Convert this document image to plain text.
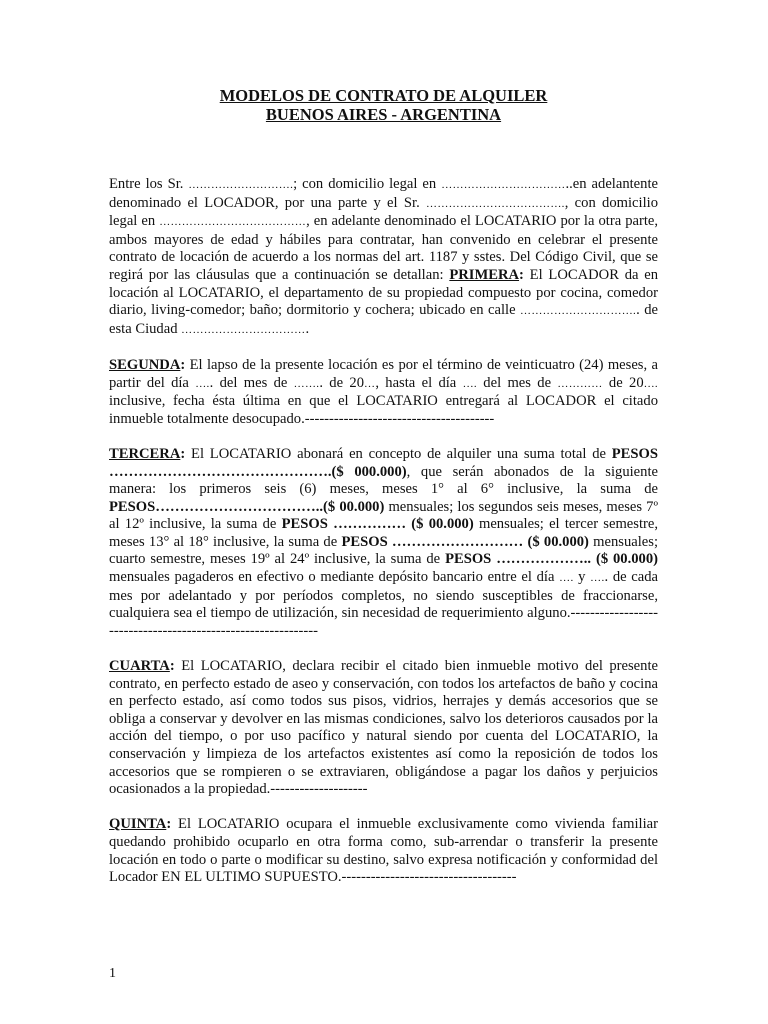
MODELOS DE CONTRATO DE ALQUILER
BUENOS AIRES - ARGENTINA

Entre los Sr. ……………………….; con domicilio legal en ……………………………..en adelantente denominado el LOCADOR, por una parte y el Sr. ………………………………., con domicilio legal en …………………………………, en adelante denominado el LOCATARIO por la otra parte, ambos mayores de edad y hábiles para contratar, han convenido en celebrar el presente contrato de locación de acuerdo a los normas del art. 1187 y sstes. Del Código Civil, que se regirá por las cláusulas que a continuación se detallan: PRIMERA: El LOCADOR da en locación al LOCATARIO, el departamento de su propiedad compuesto por cocina, comedor diario, living-comedor; baño; dormitorio y cochera; ubicado en calle ………………………….. de esta Ciudad …………………………….

SEGUNDA: El lapso de la presente locación es por el término de veinticuatro (24) meses, a partir del día ….. del mes de …….. de 20…, hasta el día …. del mes de ………… de 20…. inclusive, fecha ésta última en que el LOCATARIO entregará al LOCADOR el citado inmueble totalmente desocupado.---------------------------------------

TERCERA: El LOCATARIO abonará en concepto de alquiler una suma total de PESOS ……………………………………….($ 000.000), que serán abonados de la siguiente manera: los primeros seis (6) meses, meses 1° al 6° inclusive, la suma de PESOS……………………………..($ 00.000) mensuales; los segundos seis meses, meses 7º al 12º inclusive, la suma de PESOS …………… ($ 00.000) mensuales; el tercer semestre, meses 13° al 18° inclusive, la suma de PESOS ……………………… ($ 00.000) mensuales; cuarto semestre, meses 19º al 24º inclusive, la suma de PESOS ……………….. ($ 00.000) mensuales pagaderos en efectivo o mediante depósito bancario entre el día …. y ….. de cada mes por adelantado y por períodos completos, no siendo susceptibles de fraccionarse, cualquiera sea el tiempo de utilización, sin necesidad de requerimiento alguno.-------------------------------------------------------------

CUARTA: El LOCATARIO, declara recibir el citado bien inmueble motivo del presente contrato, en perfecto estado de aseo y conservación, con todos los artefactos de baño y cocina en perfecto estado, así como todos sus pisos, vidrios, herrajes y demás accesorios que se obliga a conservar y devolver en las mismas condiciones, salvo los deterioros causados por la acción del tiempo, o por uso pacífico y natural siendo por cuenta del LOCATARIO, la conservación y limpieza de los artefactos existentes así como la reposición de todos los accesorios que se rompieren o se extraviaren, obligándose a pagar los daños y perjuicios ocasionados a la propiedad.--------------------

QUINTA: El LOCATARIO ocupara el inmueble exclusivamente como vivienda familiar quedando prohibido ocuparlo en otra forma como, sub-arrendar o transferir la presente locación en todo o parte o modificar su destino, salvo expresa notificación y conformidad del Locador EN EL ULTIMO SUPUESTO.------------------------------------

1
